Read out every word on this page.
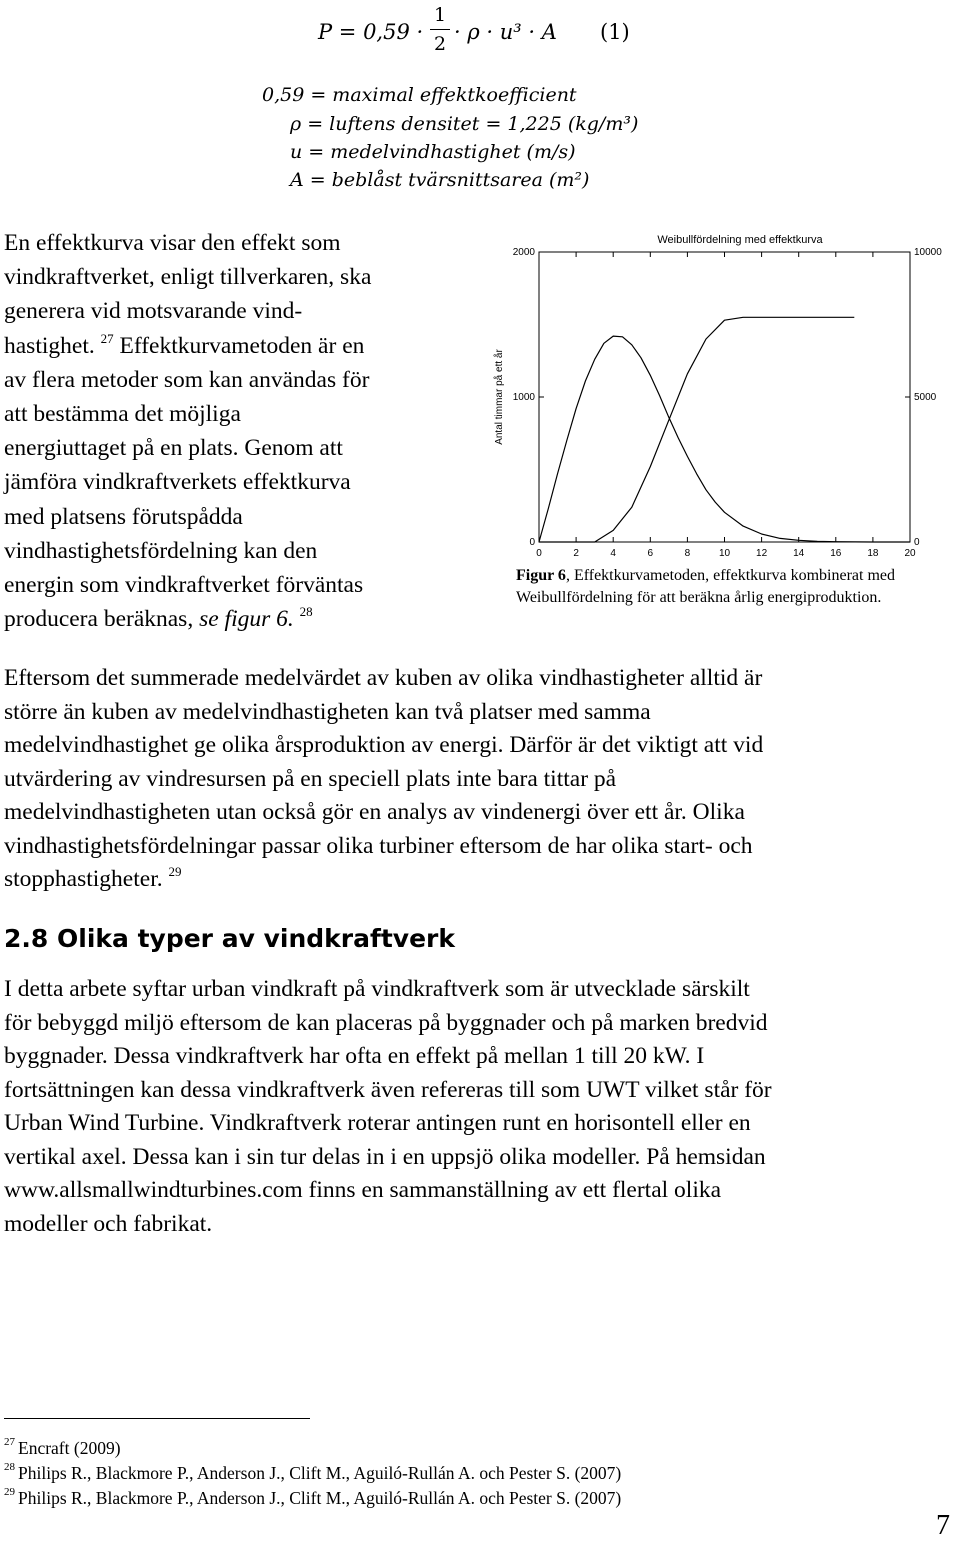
P = 0,59 ·
1
2 · ρ · u³ · A (1)
0,59 = maximal effektkoefficient
ρ = luftens densitet = 1,225 (kg/m³)
u = medelvindhastighet (m/s)
A = beblåst tvärsnittsarea (m²)
En effektkurva visar den effekt som
vindkraftverket, enligt tillverkaren, ska
generera vid motsvarande vind-
hastighet. $^{27}$ Effektkurvametoden är en
av flera metoder som kan användas för
att bestämma det möjliga
energiuttaget på en plats. Genom att
jämföra vindkraftverkets effektkurva
med platsens förutspådda
vindhastighetsfördelning kan den
energin som vindkraftverket förväntas
producera beräknas, se figur 6. $^{28}$
Weibullfördelning med effektkurva
Antal timmar på ett år
0	2	4	6	8	10	12	14	16	18	20
0
1000
2000
0
5000
10000
Figur 6, Effektkurvametoden, effektkurva kombinerat med Weibullfördelning för att beräkna årlig energiproduktion.
Eftersom det summerade medelvärdet av kuben av olika vindhastigheter alltid är
större än kuben av medelvindhastigheten kan två platser med samma
medelvindhastighet ge olika årsproduktion av energi. Därför är det viktigt att vid
utvärdering av vindresursen på en speciell plats inte bara tittar på
medelvindhastigheten utan också gör en analys av vindenergi över ett år. Olika
vindhastighetsfördelningar passar olika turbiner eftersom de har olika start- och
stopphastigheter. $^{29}$
2.8 Olika typer av vindkraftverk
I detta arbete syftar urban vindkraft på vindkraftverk som är utvecklade särskilt
för bebyggd miljö eftersom de kan placeras på byggnader och på marken bredvid
byggnader. Dessa vindkraftverk har ofta en effekt på mellan 1 till 20 kW. I
fortsättningen kan dessa vindkraftverk även refereras till som UWT vilket står för
Urban Wind Turbine. Vindkraftverk roterar antingen runt en horisontell eller en
vertikal axel. Dessa kan i sin tur delas in i en uppsjö olika modeller. På hemsidan
www.allsmallwindturbines.com finns en sammanställning av ett flertal olika
modeller och fabrikat.
$^{27}$ Encraft (2009)
$^{28}$ Philips R., Blackmore P., Anderson J., Clift M., Aguiló-Rullán A. och Pester S. (2007)
$^{29}$ Philips R., Blackmore P., Anderson J., Clift M., Aguiló-Rullán A. och Pester S. (2007)
7
